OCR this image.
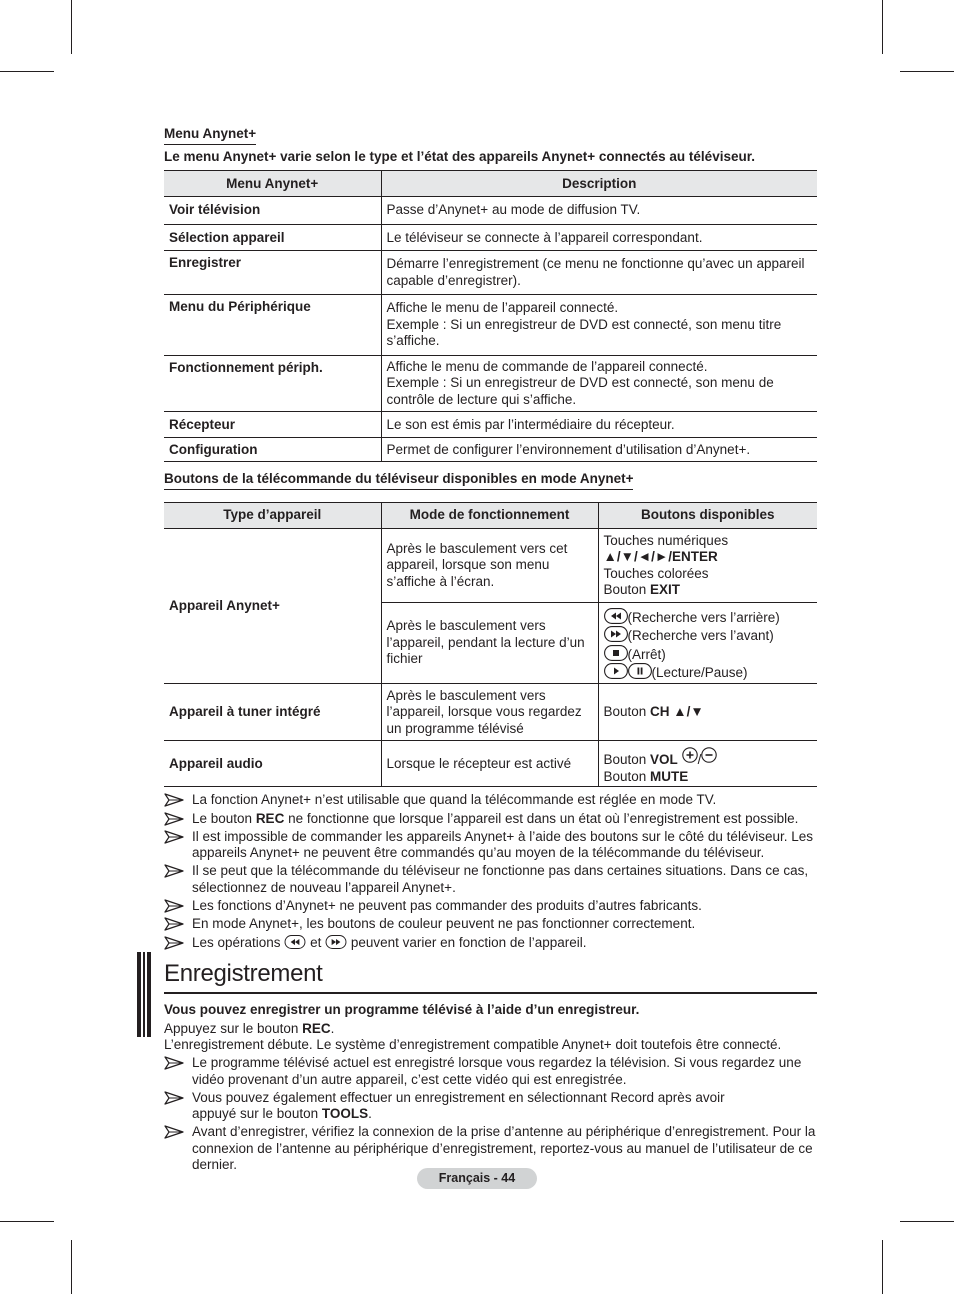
Menu Anynet+
Le menu Anynet+ varie selon le type et l’état des appareils Anynet+ connectés au téléviseur.
Menu Anynet+	Description
Voir télévision	Passe d’Anynet+ au mode de diffusion TV.
Sélection appareil	Le téléviseur se connecte à l’appareil correspondant.
Enregistrer	Démarre l’enregistrement (ce menu ne fonctionne qu’avec un appareil capable d’enregistrer).
Menu du Périphérique	Affiche le menu de l’appareil connecté.
Exemple : Si un enregistreur de DVD est connecté, son menu titre s’affiche.

Fonctionnement périph.	Affiche le menu de commande de l’appareil connecté.
Exemple : Si un enregistreur de DVD est connecté, son menu de contrôle de lecture qui s’affiche.

Récepteur	Le son est émis par l’intermédiaire du récepteur.
Configuration	Permet de configurer l’environnement d’utilisation d’Anynet+.
Boutons de la télécommande du téléviseur disponibles en mode Anynet+
Type d’appareil	Mode de fonctionnement	Boutons disponibles
Appareil Anynet+	Après le basculement vers cet appareil, lorsque son menu s’affiche à l’écran.	Touches numériques
▲/▼/◄/►/ENTER
Touches colorées
Bouton EXIT

	Après le basculement vers l’appareil, pendant la lecture d’un fichier	(Recherche vers l’arrière)
(Recherche vers l’avant)
(Arrêt)
(Lecture/Pause)

Appareil à tuner intégré	Après le basculement vers l’appareil, lorsque vous regardez un programme télévisé	Bouton CH ▲/▼
Appareil audio	Lorsque le récepteur est activé	Bouton VOL /
Bouton MUTE
La fonction Anynet+ n’est utilisable que quand la télécommande est réglée en mode TV.
Le bouton REC ne fonctionne que lorsque l’appareil est dans un état où l’enregistrement est possible.
Il est impossible de commander les appareils Anynet+ à l’aide des boutons sur le côté du téléviseur. Les appareils Anynet+ ne peuvent être commandés qu’au moyen de la télécommande du téléviseur.
Il se peut que la télécommande du téléviseur ne fonctionne pas dans certaines situations. Dans ce cas, sélectionnez de nouveau l’appareil Anynet+.
Les fonctions d’Anynet+ ne peuvent pas commander des produits d’autres fabricants.
En mode Anynet+, les boutons de couleur peuvent ne pas fonctionner correctement.
Les opérations  et  peuvent varier en fonction de l’appareil.
Enregistrement
Vous pouvez enregistrer un programme télévisé à l’aide d’un enregistreur.
Appuyez sur le bouton REC.
L’enregistrement débute. Le système d’enregistrement compatible Anynet+ doit toutefois être connecté.
Le programme télévisé actuel est enregistré lorsque vous regardez la télévision. Si vous regardez une vidéo provenant d’un autre appareil, c’est cette vidéo qui est enregistrée.
Vous pouvez également effectuer un enregistrement en sélectionnant Record après avoir appuyé sur le bouton TOOLS.
Avant d’enregistrer, vérifiez la connexion de la prise d’antenne au périphérique d’enregistrement. Pour la connexion de l’antenne au périphérique d’enregistrement, reportez-vous au manuel de l’utilisateur de ce dernier.
Français - 44
